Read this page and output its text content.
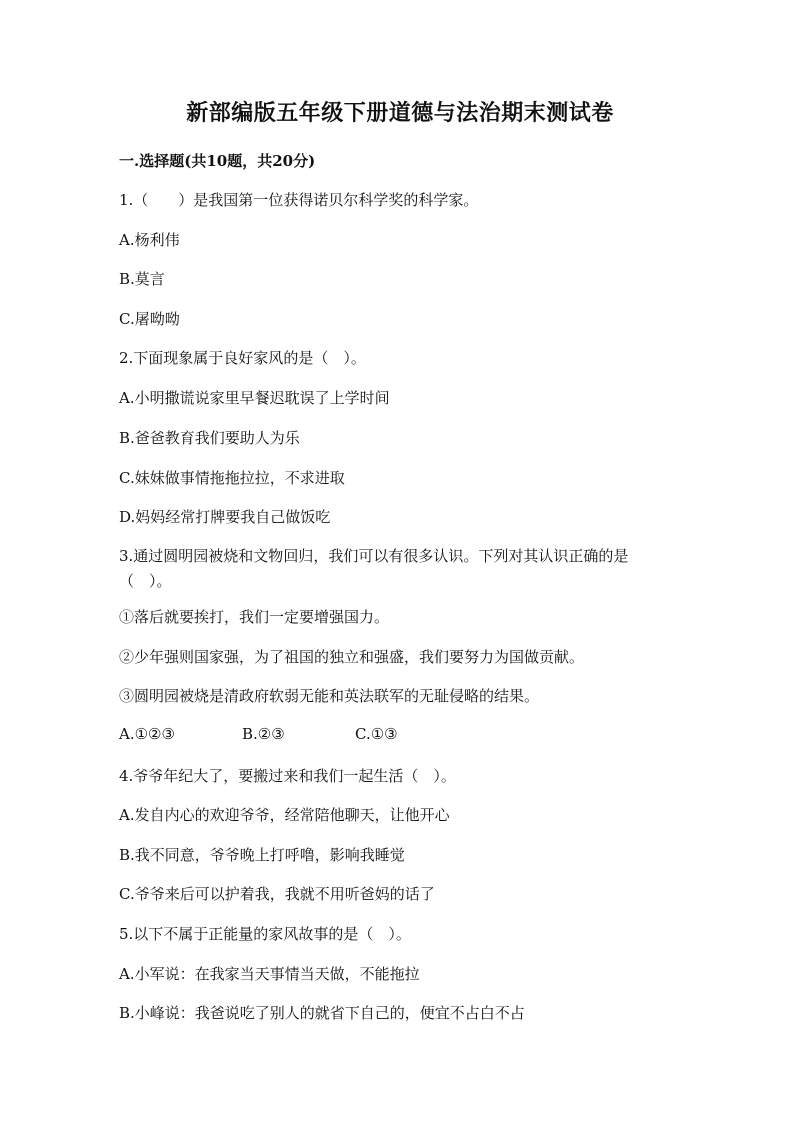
新部编版五年级下册道德与法治期末测试卷
一.选择题(共10题，共20分)
1.（　　）是我国第一位获得诺贝尔科学奖的科学家。
A.杨利伟
B.莫言
C.屠呦呦
2.下面现象属于良好家风的是（　）。
A.小明撒谎说家里早餐迟耽误了上学时间
B.爸爸教育我们要助人为乐
C.妹妹做事情拖拖拉拉，不求进取
D.妈妈经常打牌要我自己做饭吃
3.通过圆明园被烧和文物回归，我们可以有很多认识。下列对其认识正确的是
（　）。
①落后就要挨打，我们一定要增强国力。
②少年强则国家强，为了祖国的独立和强盛，我们要努力为国做贡献。
③圆明园被烧是清政府软弱无能和英法联军的无耻侵略的结果。
A.①②③	B.②③	C.①③
4.爷爷年纪大了，要搬过来和我们一起生活（　）。
A.发自内心的欢迎爷爷，经常陪他聊天，让他开心
B.我不同意，爷爷晚上打呼噜，影响我睡觉
C.爷爷来后可以护着我，我就不用听爸妈的话了
5.以下不属于正能量的家风故事的是（　）。
A.小军说：在我家当天事情当天做，不能拖拉
B.小峰说：我爸说吃了别人的就省下自己的，便宜不占白不占
